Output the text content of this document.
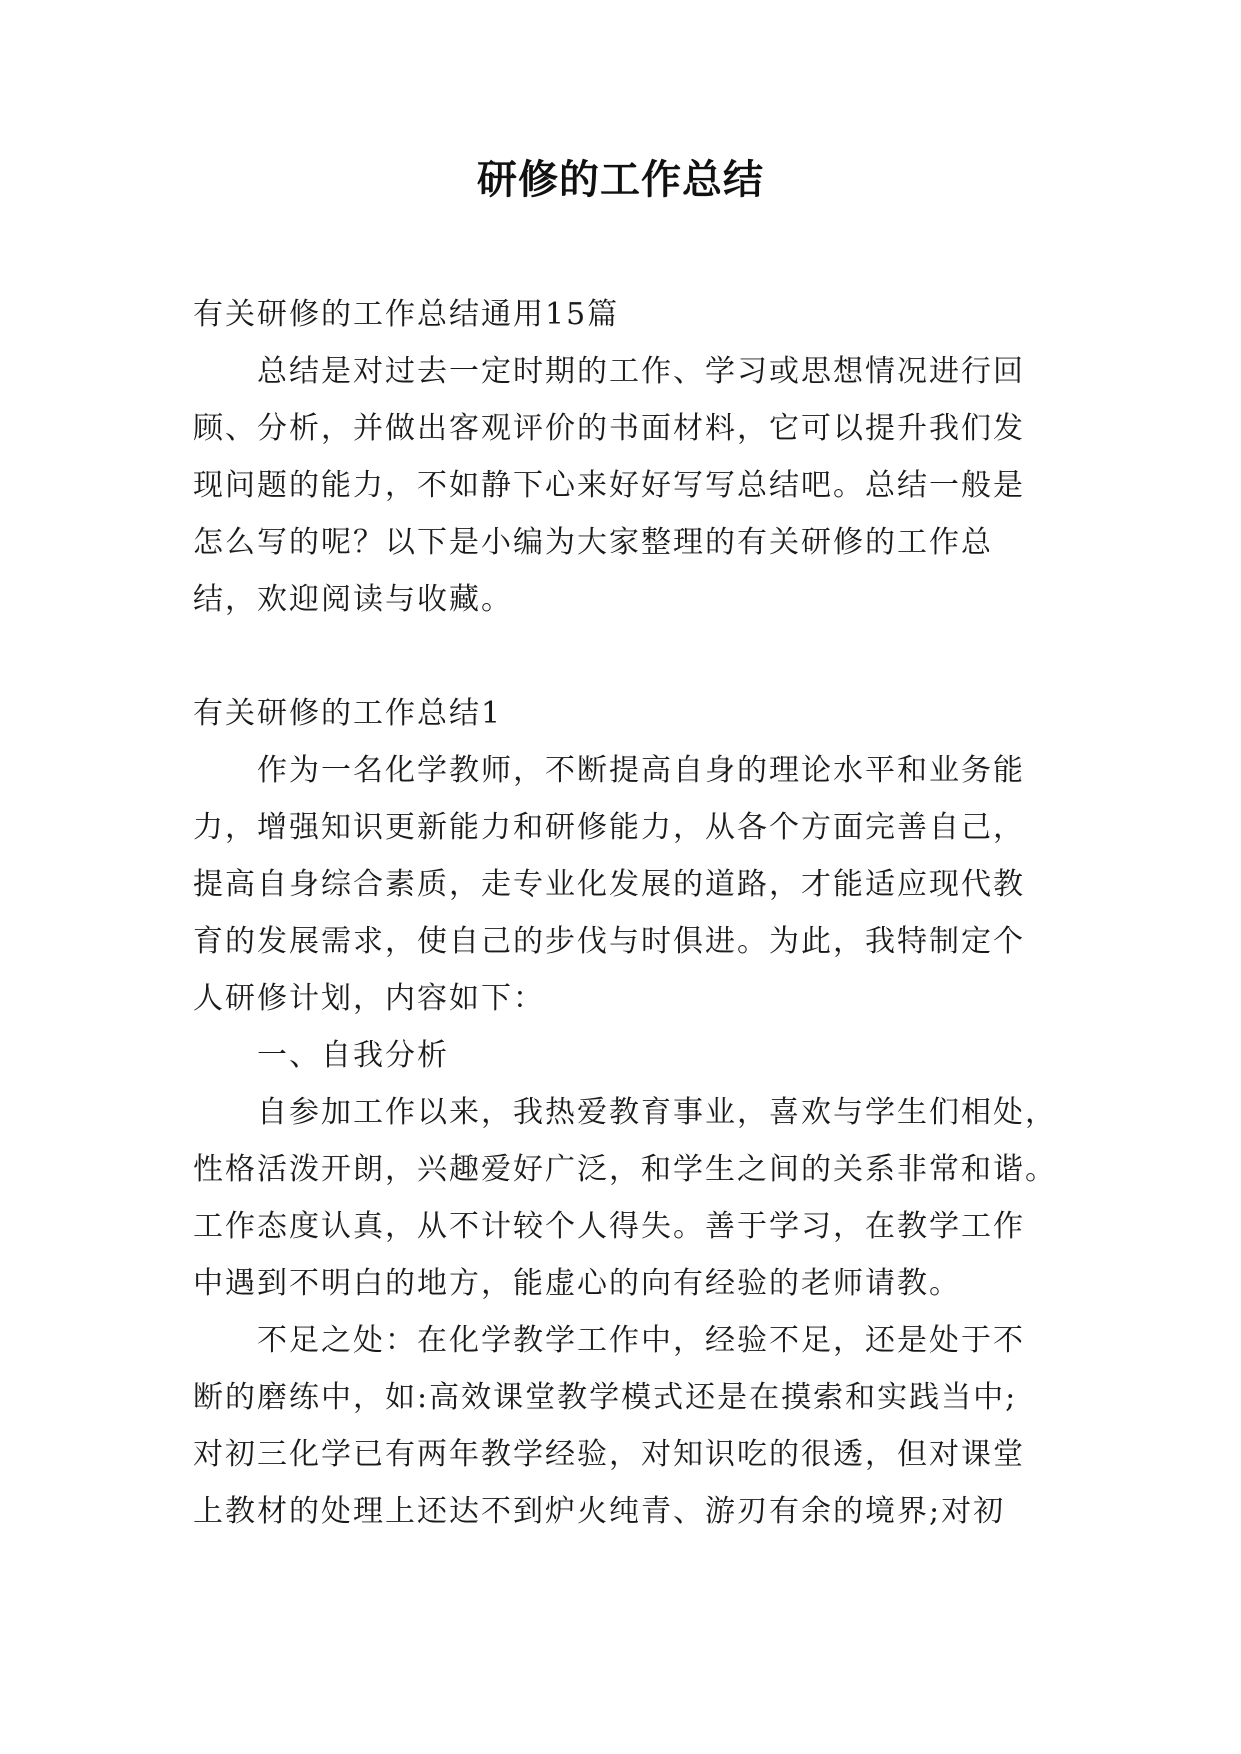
研修的工作总结
有关研修的工作总结通用15篇
总结是对过去一定时期的工作、学习或思想情况进行回
顾、分析，并做出客观评价的书面材料，它可以提升我们发
现问题的能力，不如静下心来好好写写总结吧。总结一般是
怎么写的呢？以下是小编为大家整理的有关研修的工作总
结，欢迎阅读与收藏。
有关研修的工作总结1
作为一名化学教师，不断提高自身的理论水平和业务能
力，增强知识更新能力和研修能力，从各个方面完善自己，
提高自身综合素质，走专业化发展的道路，才能适应现代教
育的发展需求，使自己的步伐与时俱进。为此，我特制定个
人研修计划，内容如下：
一、自我分析
自参加工作以来，我热爱教育事业，喜欢与学生们相处，
性格活泼开朗，兴趣爱好广泛，和学生之间的关系非常和谐。
工作态度认真，从不计较个人得失。善于学习，在教学工作
中遇到不明白的地方，能虚心的向有经验的老师请教。
不足之处：在化学教学工作中，经验不足，还是处于不
断的磨练中，如:高效课堂教学模式还是在摸索和实践当中;
对初三化学已有两年教学经验，对知识吃的很透，但对课堂
上教材的处理上还达不到炉火纯青、游刃有余的境界;对初
